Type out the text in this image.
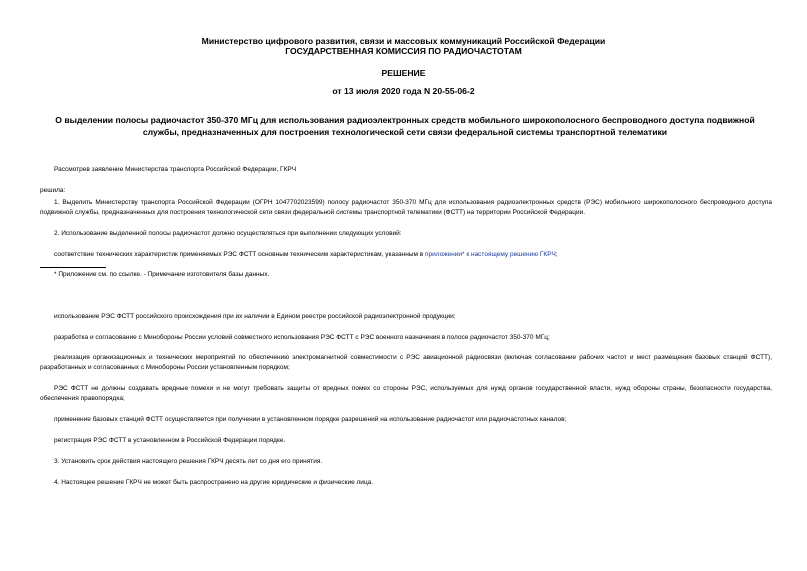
Министерство цифрового развития, связи и массовых коммуникаций Российской Федерации
ГОСУДАРСТВЕННАЯ КОМИССИЯ ПО РАДИОЧАСТОТАМ
РЕШЕНИЕ
от 13 июля 2020 года N 20-55-06-2
О выделении полосы радиочастот 350-370 МГц для использования радиоэлектронных средств мобильного широкополосного беспроводного доступа подвижной службы, предназначенных для построения технологической сети связи федеральной системы транспортной телематики
Рассмотрев заявление Министерства транспорта Российской Федерации, ГКРЧ
решила:
1. Выделить Министерству транспорта Российской Федерации (ОГРН 1047702023599) полосу радиочастот 350-370 МГц для использования радиоэлектронных средств (РЭС) мобильного широкополосного беспроводного доступа подвижной службы, предназначенных для построения технологической сети связи федеральной системы транспортной телематики (ФСТТ) на территории Российской Федерации.
2. Использование выделенной полосы радиочастот должно осуществляться при выполнении следующих условий:
соответствие технических характеристик применяемых РЭС ФСТТ основным техническим характеристикам, указанным в приложении* к настоящему решению ГКРЧ;
* Приложение см. по ссылке. - Примечание изготовителя базы данных.
использование РЭС ФСТТ российского происхождения при их наличии в Едином реестре российской радиоэлектронной продукции;
разработка и согласование с Минобороны России условий совместного использования РЭС ФСТТ с РЭС военного назначения в полосе радиочастот 350-370 МГц;
реализация организационных и технических мероприятий по обеспечению электромагнитной совместимости с РЭС авиационной радиосвязи (включая согласование рабочих частот и мест размещения базовых станций ФСТТ), разработанных и согласованных с Минобороны России установленным порядком;
РЭС ФСТТ не должны создавать вредные помехи и не могут требовать защиты от вредных помех со стороны РЭС, используемых для нужд органов государственной власти, нужд обороны страны, безопасности государства, обеспечения правопорядка;
применение базовых станций ФСТТ осуществляется при получении в установленном порядке разрешений на использование радиочастот или радиочастотных каналов;
регистрация РЭС ФСТТ в установленном в Российской Федерации порядке.
3. Установить срок действия настоящего решения ГКРЧ десять лет со дня его принятия.
4. Настоящее решение ГКРЧ не может быть распространено на другие юридические и физические лица.
